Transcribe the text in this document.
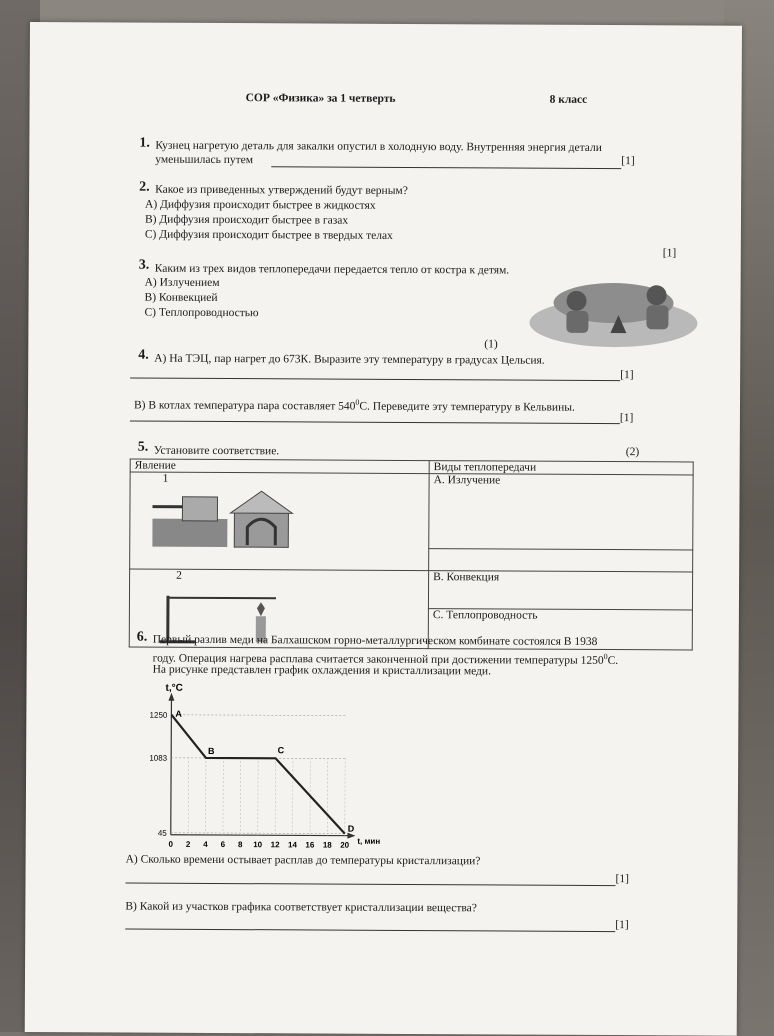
СОР «Физика» за 1 четверть	8 класс
1. Кузнец нагретую деталь для закалки опустил в холодную воду. Внутренняя энергия детали
уменьшилась путем	[1]
2. Какое из приведенных утверждений будут верным?
А) Диффузия происходит быстрее в жидкостях
В) Диффузия происходит быстрее в газах
С) Диффузия происходит быстрее в твердых телах
[1]
3. Каким из трех видов теплопередачи передается тепло от костра к детям.
А) Излучением
В) Конвекцией
С) Теплопроводностью
(1)
4. А) На ТЭЦ, пар нагрет до 673К. Выразите эту температуру в градусах Цельсия.
[1]
В) В котлах температура пара составляет $540^0С$. Переведите эту температуру в Кельвины.
[1]
5. Установите соответствие.	(2)
Явление	Виды теплопередачи

1	А. Излучение

2	В. Конвекция
	С. Теплопроводность
6. Первый разлив меди на Балхашском горно-металлургическом комбинате состоялся В 1938
году. Операция нагрева расплава считается законченной при достижении температуры 1250$^0$С.
На рисунке представлен график охлаждения и кристаллизации меди.
t,°C
t, мин
1250
1083
45
0 2 4 6 8 10 12 14 16 18 20
A
B	C
D
А) Сколько времени остывает расплав до температуры кристаллизации?
[1]
В) Какой из участков графика соответствует кристаллизации вещества?
[1]
